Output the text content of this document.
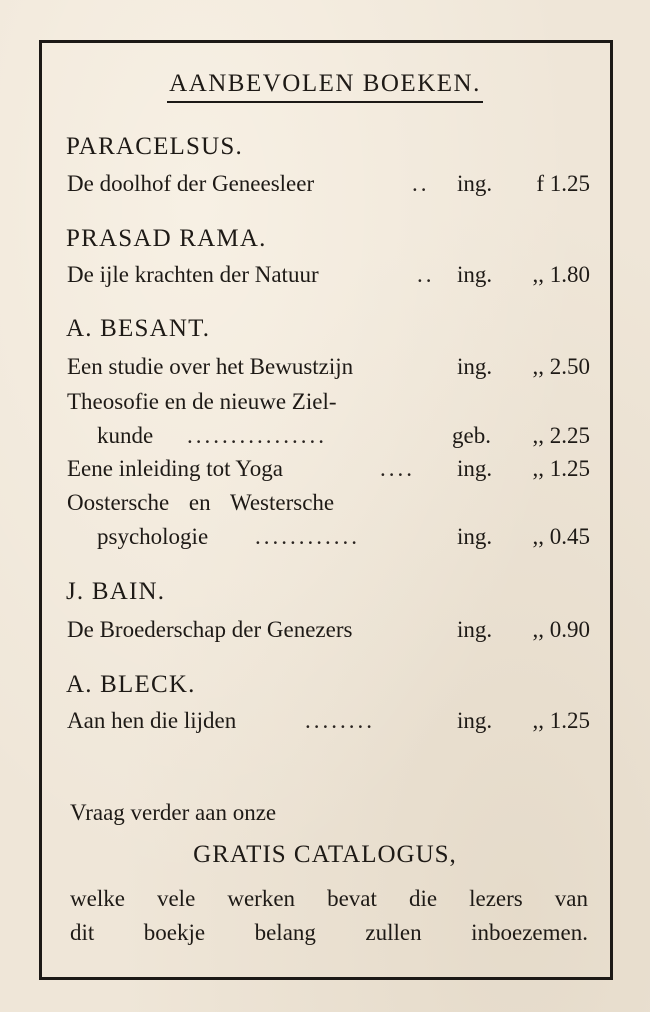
AANBEVOLEN BOEKEN.
PARACELSUS.
De doolhof der Geneesleer	..	ing. f 1.25
PRASAD RAMA.
De ijle krachten der Natuur	.. ing. ,, 1.80
A. BESANT.
Een studie over het Bewustzijn	ing. ,, 2.50
Theosofie en de nieuwe Ziel-
kunde ................	geb. ,, 2.25
Eene inleiding tot Yoga	....	ing. ,, 1.25
Oostersche en Westersche
psychologie ............	ing. ,, 0.45
J. BAIN.
De Broederschap der Genezers	ing. ,, 0.90
A. BLECK.
Aan hen die lijden	........	ing. ,, 1.25
Vraag verder aan onze
GRATIS CATALOGUS,
welke vele werken bevat die lezers van
dit boekje belang zullen inboezemen.
